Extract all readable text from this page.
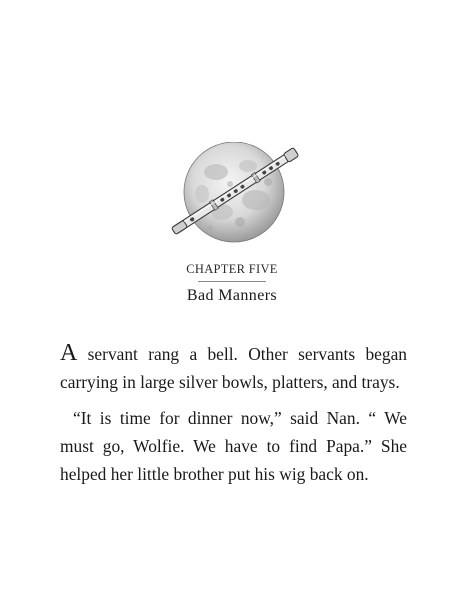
CHAPTER FIVE
Bad Manners

A servant rang a bell. Other servants began carrying in large silver bowls, platters, and trays.

“It is time for dinner now,” said Nan. “ We must go, Wolfie. We have to find Papa.” She helped her little brother put his wig back on.
